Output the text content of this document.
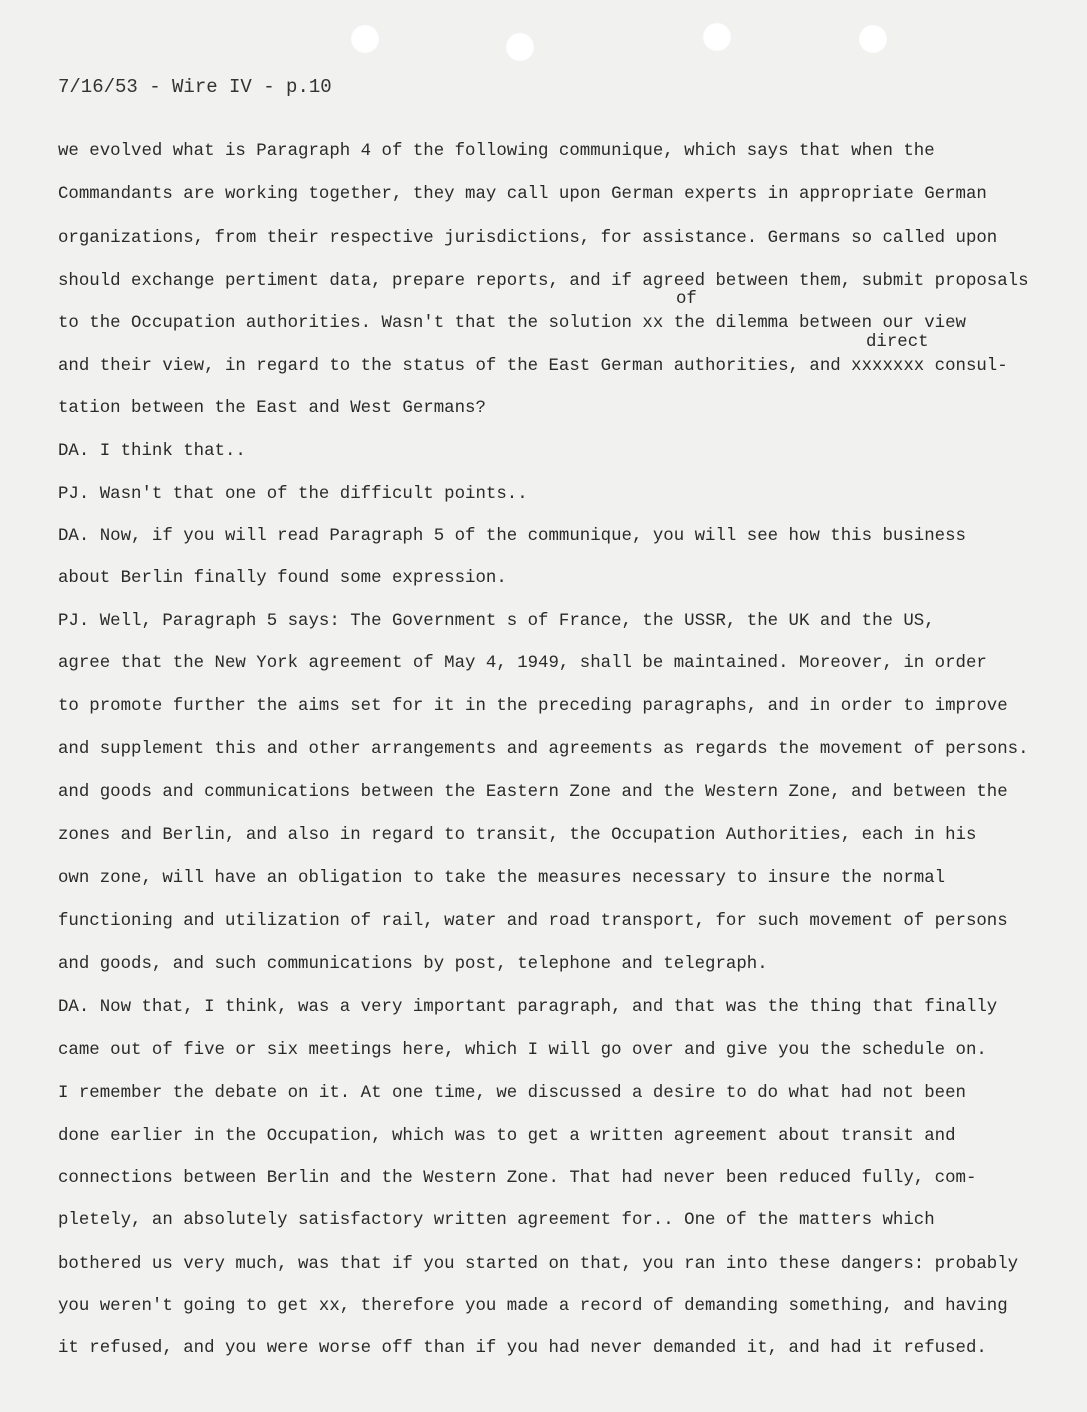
7/16/53 - Wire IV - p.10
of
direct
we evolved what is Paragraph 4 of the following communique, which says that when the
Commandants are working together, they may call upon German experts in appropriate German
organizations, from their respective jurisdictions, for assistance. Germans so called upon
should exchange pertiment data, prepare reports, and if agreed between them, submit proposals
to the Occupation authorities. Wasn't that the solution xx the dilemma between our view
and their view, in regard to the status of the East German authorities, and xxxxxxx consul-
tation between the East and West Germans?
DA. I think that..
PJ. Wasn't that one of the difficult points..
DA. Now, if you will read Paragraph 5 of the communique, you will see how this business
about Berlin finally found some expression.
PJ. Well, Paragraph 5 says: The Government s of France, the USSR, the UK and the US,
agree that the New York agreement of May 4, 1949, shall be maintained. Moreover, in order
to promote further the aims set for it in the preceding paragraphs, and in order to improve
and supplement this and other arrangements and agreements as regards the movement of persons.
and goods and communications between the Eastern Zone and the Western Zone, and between the
zones and Berlin, and also in regard to transit, the Occupation Authorities, each in his
own zone, will have an obligation to take the measures necessary to insure the normal
functioning and utilization of rail, water and road transport, for such movement of persons
and goods, and such communications by post, telephone and telegraph.
DA. Now that, I think, was a very important paragraph, and that was the thing that finally
came out of five or six meetings here, which I will go over and give you the schedule on.
I remember the debate on it. At one time, we discussed a desire to do what had not been
done earlier in the Occupation, which was to get a written agreement about transit and
connections between Berlin and the Western Zone. That had never been reduced fully, com-
pletely, an absolutely satisfactory written agreement for.. One of the matters which
bothered us very much, was that if you started on that, you ran into these dangers: probably
you weren't going to get xx, therefore you made a record of demanding something, and having
it refused, and you were worse off than if you had never demanded it, and had it refused.
